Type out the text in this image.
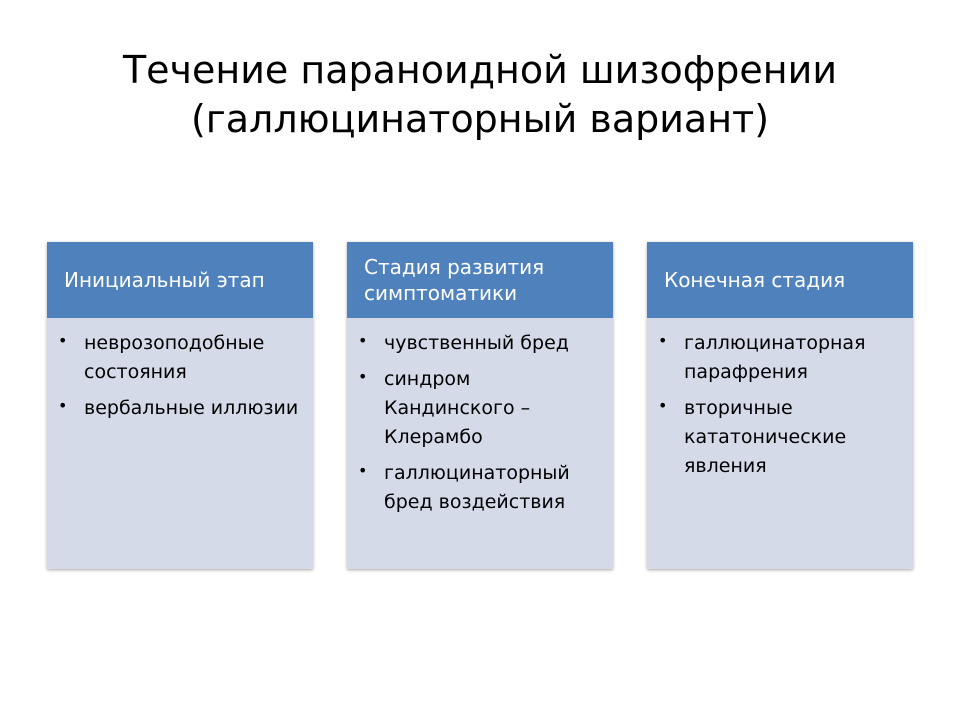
Течение параноидной шизофрении
(галлюцинаторный вариант)
Инициальный этап
• неврозоподобные состояния
• вербальные иллюзии
Стадия развития симптоматики
• чувственный бред
• синдром Кандинского – Клерамбо
• галлюцинаторный бред воздействия
Конечная стадия
• галлюцинаторная парафрения
• вторичные кататонические явления
